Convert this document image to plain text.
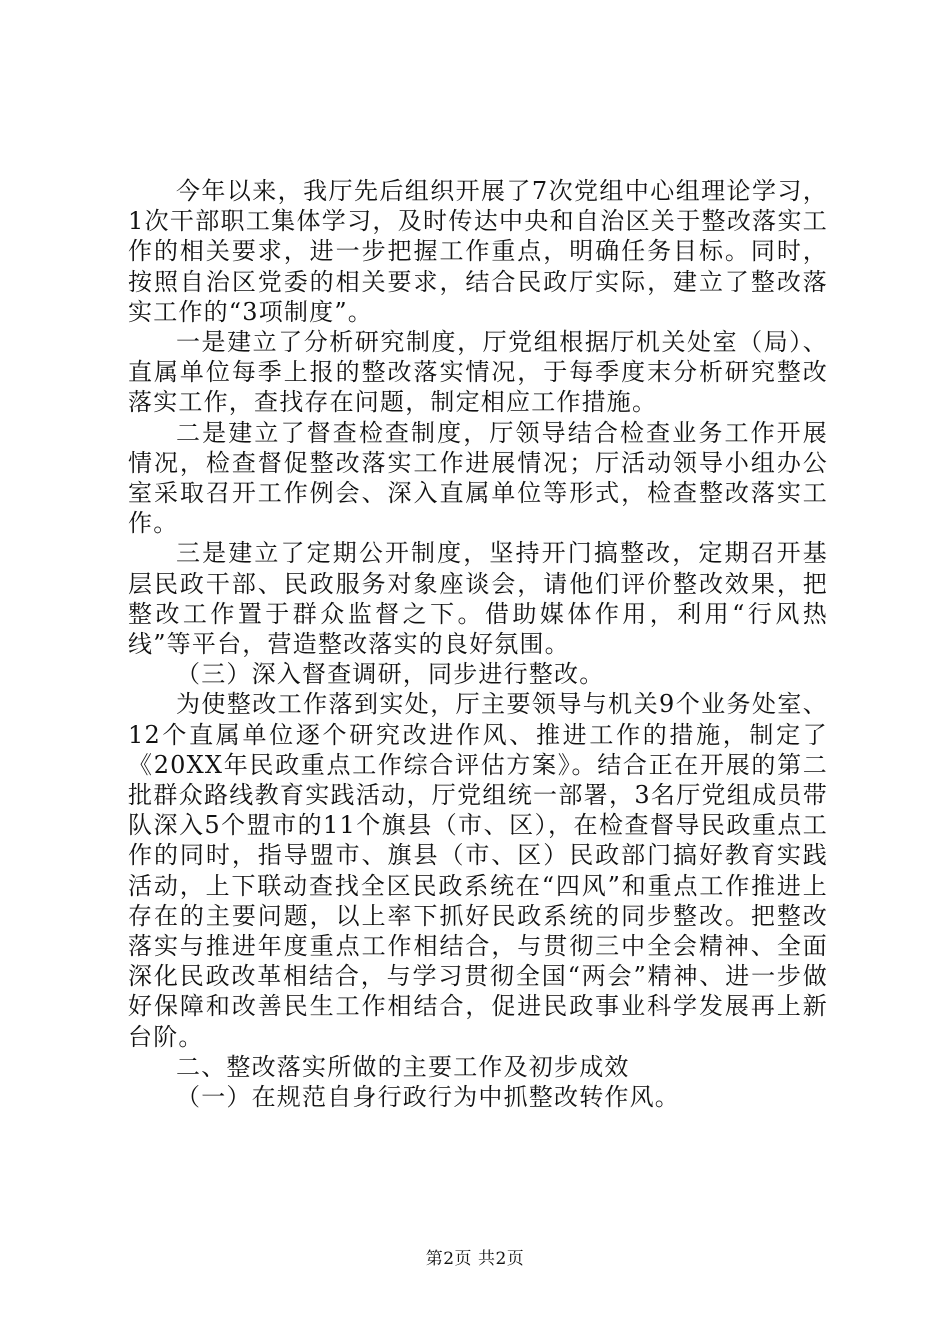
今年以来，我厅先后组织开展了7次党组中心组理论学习，1次干部职工集体学习，及时传达中央和自治区关于整改落实工作的相关要求，进一步把握工作重点，明确任务目标。同时，按照自治区党委的相关要求，结合民政厅实际，建立了整改落实工作的“3项制度”。

一是建立了分析研究制度，厅党组根据厅机关处室（局）、直属单位每季上报的整改落实情况，于每季度末分析研究整改落实工作，查找存在问题，制定相应工作措施。

二是建立了督查检查制度，厅领导结合检查业务工作开展情况，检查督促整改落实工作进展情况；厅活动领导小组办公室采取召开工作例会、深入直属单位等形式，检查整改落实工作。

三是建立了定期公开制度，坚持开门搞整改，定期召开基层民政干部、民政服务对象座谈会，请他们评价整改效果，把整改工作置于群众监督之下。借助媒体作用，利用“行风热线”等平台，营造整改落实的良好氛围。

（三）深入督查调研，同步进行整改。

为使整改工作落到实处，厅主要领导与机关9个业务处室、12个直属单位逐个研究改进作风、推进工作的措施，制定了《20XX年民政重点工作综合评估方案》。结合正在开展的第二批群众路线教育实践活动，厅党组统一部署，3名厅党组成员带队深入5个盟市的11个旗县（市、区），在检查督导民政重点工作的同时，指导盟市、旗县（市、区）民政部门搞好教育实践活动，上下联动查找全区民政系统在“四风”和重点工作推进上存在的主要问题，以上率下抓好民政系统的同步整改。把整改落实与推进年度重点工作相结合，与贯彻三中全会精神、全面深化民政改革相结合，与学习贯彻全国“两会”精神、进一步做好保障和改善民生工作相结合，促进民政事业科学发展再上新台阶。

二、整改落实所做的主要工作及初步成效

（一）在规范自身行政行为中抓整改转作风。

第2页 共2页
